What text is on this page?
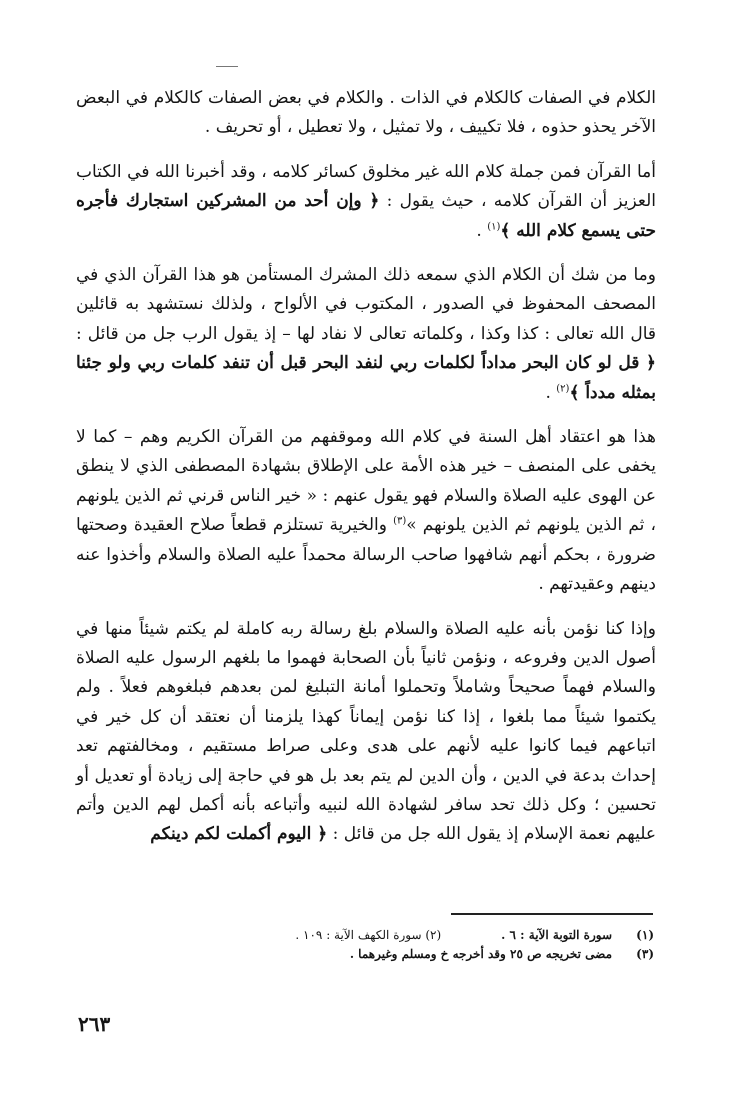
الكلام في الصفات كالكلام في الذات . والكلام في بعض الصفات كالكلام في البعض الآخر يحذو حذوه ، فلا تكييف ، ولا تمثيل ، ولا تعطيل ، أو تحريف .

أما القرآن فمن جملة كلام الله غير مخلوق كسائر كلامه ، وقد أخبرنا الله في الكتاب العزيز أن القرآن كلامه ، حيث يقول : ﴿ وإن أحد من المشركين استجارك فأجره حتى يسمع كلام الله ﴾$^{(١)}$ .

وما من شك أن الكلام الذي سمعه ذلك المشرك المستأمن هو هذا القرآن الذي في المصحف المحفوظ في الصدور ، المكتوب في الألواح ، ولذلك نستشهد به قائلين قال الله تعالى : كذا وكذا ، وكلماته تعالى لا نفاد لها – إذ يقول الرب جل من قائل : ﴿ قل لو كان البحر مداداً لكلمات ربي لنفد البحر قبل أن تنفد كلمات ربي ولو جئنا بمثله مدداً ﴾$^{(٢)}$ .

هذا هو اعتقاد أهل السنة في كلام الله وموقفهم من القرآن الكريم وهم – كما لا يخفى على المنصف – خير هذه الأمة على الإطلاق بشهادة المصطفى الذي لا ينطق عن الهوى عليه الصلاة والسلام فهو يقول عنهم : « خير الناس قرني ثم الذين يلونهم ، ثم الذين يلونهم ثم الذين يلونهم »$^{(٣)}$ والخيرية تستلزم قطعاً صلاح العقيدة وصحتها ضرورة ، بحكم أنهم شافهوا صاحب الرسالة محمداً عليه الصلاة والسلام وأخذوا عنه دينهم وعقيدتهم .

وإذا كنا نؤمن بأنه عليه الصلاة والسلام بلغ رسالة ربه كاملة لم يكتم شيئاً منها في أصول الدين وفروعه ، ونؤمن ثانياً بأن الصحابة فهموا ما بلغهم الرسول عليه الصلاة والسلام فهماً صحيحاً وشاملاً وتحملوا أمانة التبليغ لمن بعدهم فبلغوهم فعلاً . ولم يكتموا شيئاً مما بلغوا ، إذا كنا نؤمن إيماناً كهذا يلزمنا أن نعتقد أن كل خير في اتباعهم فيما كانوا عليه لأنهم على هدى وعلى صراط مستقيم ، ومخالفتهم تعد إحداث بدعة في الدين ، وأن الدين لم يتم بعد بل هو في حاجة إلى زيادة أو تعديل أو تحسين ؛ وكل ذلك تحد سافر لشهادة الله لنبيه وأتباعه بأنه أكمل لهم الدين وأتم عليهم نعمة الإسلام إذ يقول الله جل من قائل : ﴿ اليوم أكملت لكم دينكم

(١)
سورة التوبة الآية : ٦ .
(٢) سورة الكهف الآية : ١٠٩ .
(٣)
مضى تخريجه ص ٢٥ وقد أخرجه خ ومسلم وغيرهما .
٢٦٣
